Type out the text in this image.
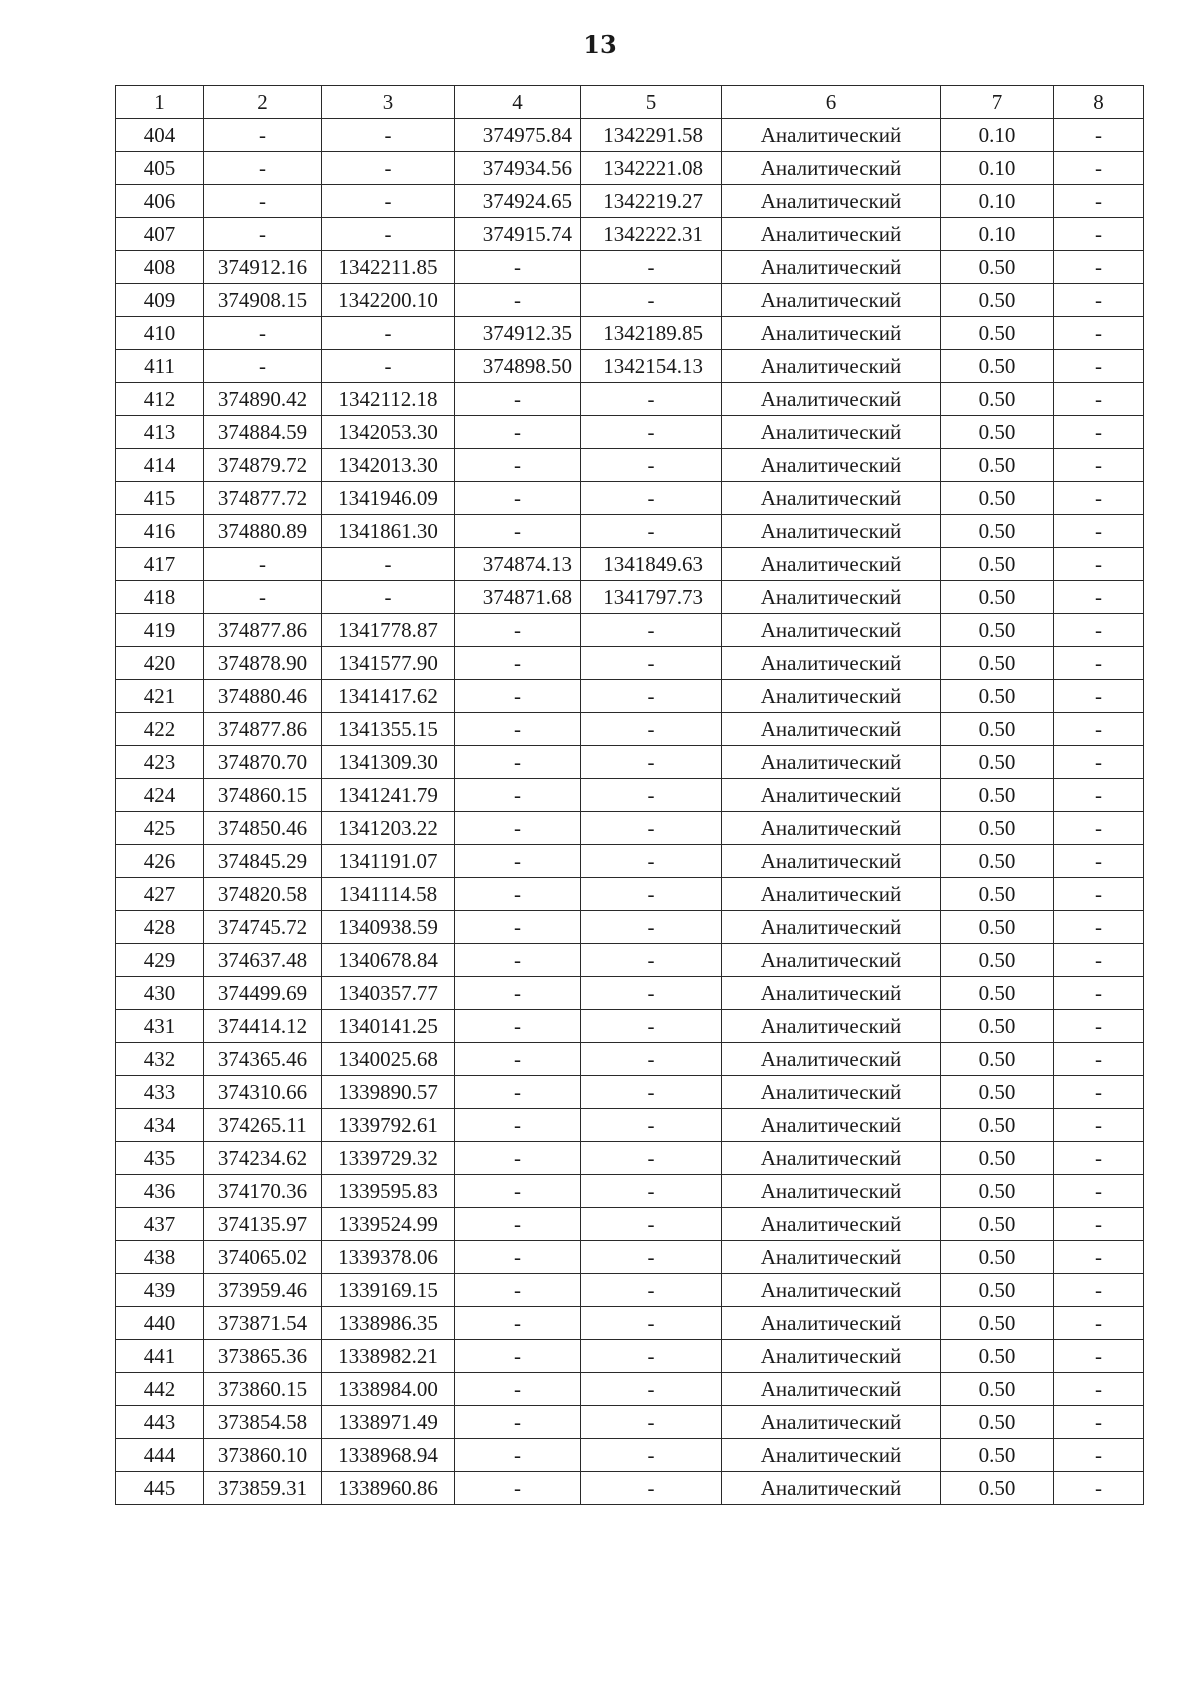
13
1	2	3	4	5	6	7	8
404	-	-	374975.84	1342291.58	Аналитический	0.10	-
405	-	-	374934.56	1342221.08	Аналитический	0.10	-
406	-	-	374924.65	1342219.27	Аналитический	0.10	-
407	-	-	374915.74	1342222.31	Аналитический	0.10	-
408	374912.16	1342211.85	-	-	Аналитический	0.50	-
409	374908.15	1342200.10	-	-	Аналитический	0.50	-
410	-	-	374912.35	1342189.85	Аналитический	0.50	-
411	-	-	374898.50	1342154.13	Аналитический	0.50	-
412	374890.42	1342112.18	-	-	Аналитический	0.50	-
413	374884.59	1342053.30	-	-	Аналитический	0.50	-
414	374879.72	1342013.30	-	-	Аналитический	0.50	-
415	374877.72	1341946.09	-	-	Аналитический	0.50	-
416	374880.89	1341861.30	-	-	Аналитический	0.50	-
417	-	-	374874.13	1341849.63	Аналитический	0.50	-
418	-	-	374871.68	1341797.73	Аналитический	0.50	-
419	374877.86	1341778.87	-	-	Аналитический	0.50	-
420	374878.90	1341577.90	-	-	Аналитический	0.50	-
421	374880.46	1341417.62	-	-	Аналитический	0.50	-
422	374877.86	1341355.15	-	-	Аналитический	0.50	-
423	374870.70	1341309.30	-	-	Аналитический	0.50	-
424	374860.15	1341241.79	-	-	Аналитический	0.50	-
425	374850.46	1341203.22	-	-	Аналитический	0.50	-
426	374845.29	1341191.07	-	-	Аналитический	0.50	-
427	374820.58	1341114.58	-	-	Аналитический	0.50	-
428	374745.72	1340938.59	-	-	Аналитический	0.50	-
429	374637.48	1340678.84	-	-	Аналитический	0.50	-
430	374499.69	1340357.77	-	-	Аналитический	0.50	-
431	374414.12	1340141.25	-	-	Аналитический	0.50	-
432	374365.46	1340025.68	-	-	Аналитический	0.50	-
433	374310.66	1339890.57	-	-	Аналитический	0.50	-
434	374265.11	1339792.61	-	-	Аналитический	0.50	-
435	374234.62	1339729.32	-	-	Аналитический	0.50	-
436	374170.36	1339595.83	-	-	Аналитический	0.50	-
437	374135.97	1339524.99	-	-	Аналитический	0.50	-
438	374065.02	1339378.06	-	-	Аналитический	0.50	-
439	373959.46	1339169.15	-	-	Аналитический	0.50	-
440	373871.54	1338986.35	-	-	Аналитический	0.50	-
441	373865.36	1338982.21	-	-	Аналитический	0.50	-
442	373860.15	1338984.00	-	-	Аналитический	0.50	-
443	373854.58	1338971.49	-	-	Аналитический	0.50	-
444	373860.10	1338968.94	-	-	Аналитический	0.50	-
445	373859.31	1338960.86	-	-	Аналитический	0.50	-
